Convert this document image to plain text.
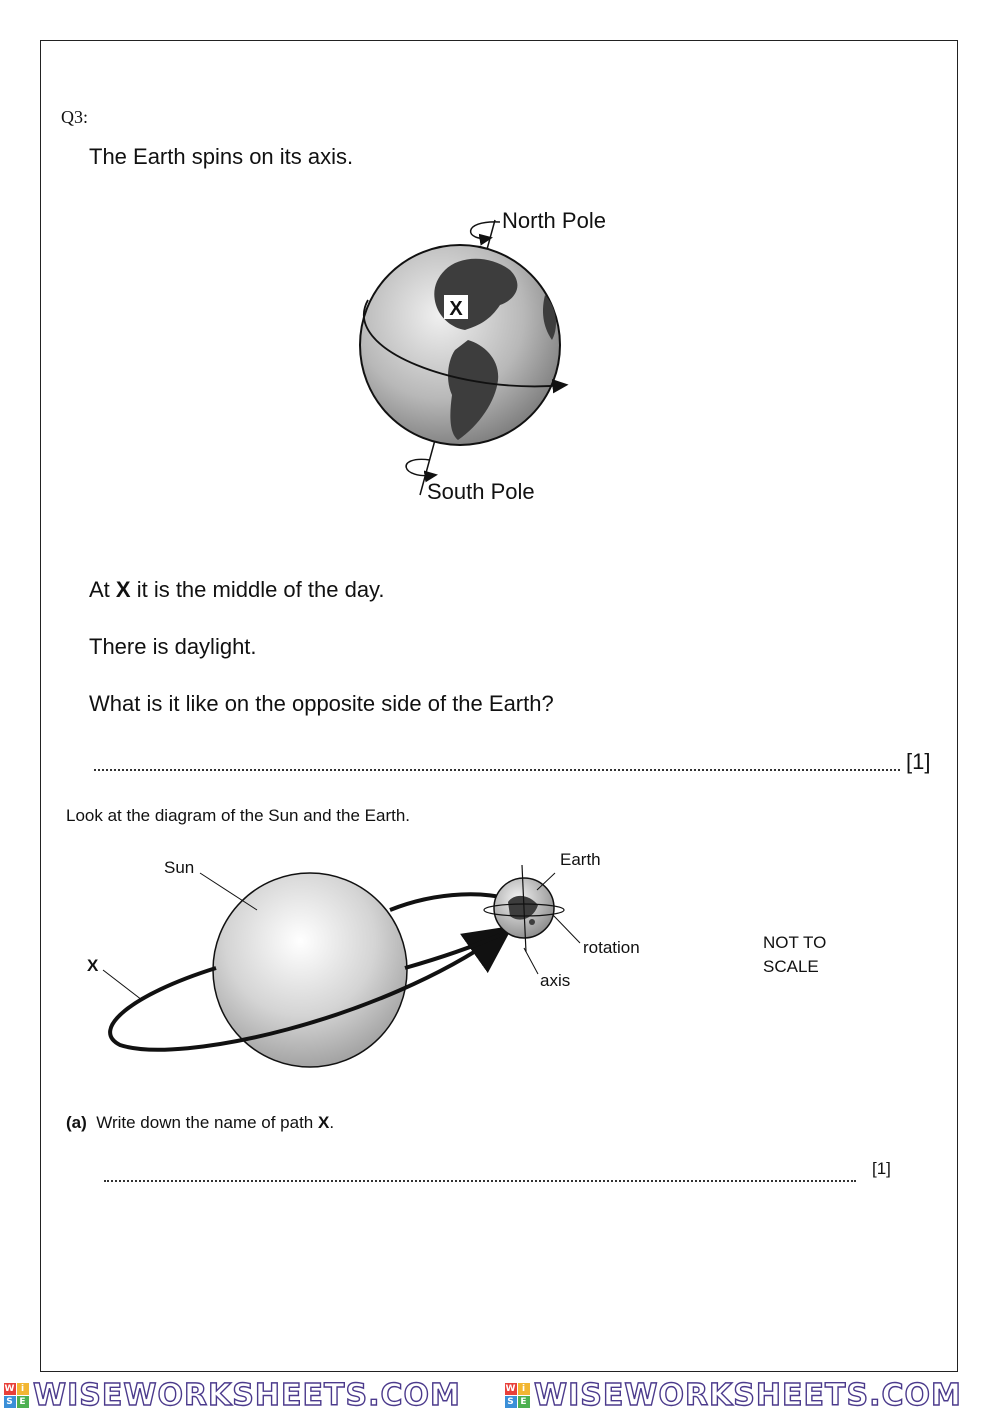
Q3:
The Earth spins on its axis.
X
North Pole
South Pole
At X it is the middle of the day.
There is daylight.
What is it like on the opposite side of the Earth?
[1]
Look at the diagram of the Sun and the Earth.
Sun	Earth
rotation
axis
X
NOT TO
SCALE
(a) Write down the name of path X.
[1]
W i
S E WISEWORKSHEETS.COM	W i
S E WISEWORKSHEETS.COM
